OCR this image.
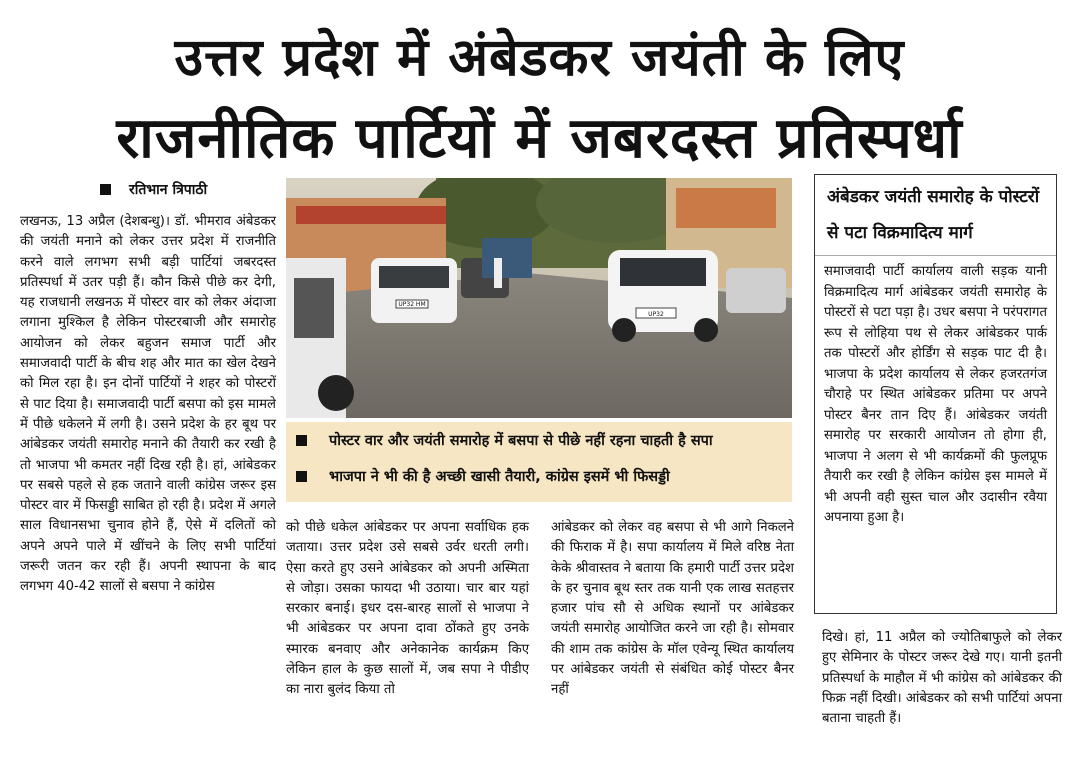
उत्तर प्रदेश में अंबेडकर जयंती के लिए
राजनीतिक पार्टियों में जबरदस्त प्रतिस्पर्धा
रतिभान त्रिपाठी
लखनऊ, 13 अप्रैल (देशबन्धु)। डॉ. भीमराव अंबेडकर की जयंती मनाने को लेकर उत्तर प्रदेश में राजनीति करने वाले लगभग सभी बड़ी पार्टियां जबरदस्त प्रतिस्पर्धा में उतर पड़ी हैं। कौन किसे पीछे कर देगी, यह राजधानी लखनऊ में पोस्टर वार को लेकर अंदाजा लगाना मुश्किल है लेकिन पोस्टरबाजी और समारोह आयोजन को लेकर बहुजन समाज पार्टी और समाजवादी पार्टी के बीच शह और मात का खेल देखने को मिल रहा है। इन दोनों पार्टियों ने शहर को पोस्टरों से पाट दिया है। समाजवादी पार्टी बसपा को इस मामले में पीछे धकेलने में लगी है। उसने प्रदेश के हर बूथ पर आंबेडकर जयंती समारोह मनाने की तैयारी कर रखी है तो भाजपा भी कमतर नहीं दिख रही है। हां, आंबेडकर पर सबसे पहले से हक जताने वाली कांग्रेस जरूर इस पोस्टर वार में फिसड्डी साबित हो रही है। प्रदेश में अगले साल विधानसभा चुनाव होने हैं, ऐसे में दलितों को अपने अपने पाले में खींचने के लिए सभी पार्टियां जरूरी जतन कर रही हैं। अपनी स्थापना के बाद लगभग 40-42 सालों से बसपा ने कांग्रेस
UP32 HM
UP32
पोस्टर वार और जयंती समारोह में बसपा से पीछे नहीं रहना चाहती है सपा
भाजपा ने भी की है अच्छी खासी तैयारी, कांग्रेस इसमें भी फिसड्डी
अंबेडकर जयंती समारोह के पोस्टरों से पटा विक्रमादित्य मार्ग
समाजवादी पार्टी कार्यालय वाली सड़क यानी विक्रमादित्य मार्ग आंबेडकर जयंती समारोह के पोस्टरों से पटा पड़ा है। उधर बसपा ने परंपरागत रूप से लोहिया पथ से लेकर आंबेडकर पार्क तक पोस्टरों और होर्डिंग से सड़क पाट दी है। भाजपा के प्रदेश कार्यालय से लेकर हजरतगंज चौराहे पर स्थित आंबेडकर प्रतिमा पर अपने पोस्टर बैनर तान दिए हैं। आंबेडकर जयंती समारोह पर सरकारी आयोजन तो होगा ही, भाजपा ने अलग से भी कार्यक्रमों की फुलप्रूफ तैयारी कर रखी है लेकिन कांग्रेस इस मामले में भी अपनी वही सुस्त चाल और उदासीन रवैया अपनाया हुआ है।
को पीछे धकेल आंबेडकर पर अपना सर्वाधिक हक जताया। उत्तर प्रदेश उसे सबसे उर्वर धरती लगी। ऐसा करते हुए उसने आंबेडकर को अपनी अस्मिता से जोड़ा। उसका फायदा भी उठाया। चार बार यहां सरकार बनाई। इधर दस-बारह सालों से भाजपा ने भी आंबेडकर पर अपना दावा ठोंकते हुए उनके स्मारक बनवाए और अनेकानेक कार्यक्रम किए लेकिन हाल के कुछ सालों में, जब सपा ने पीडीए का नारा बुलंद किया तो
आंबेडकर को लेकर वह बसपा से भी आगे निकलने की फिराक में है। सपा कार्यालय में मिले वरिष्ठ नेता केके श्रीवास्तव ने बताया कि हमारी पार्टी उत्तर प्रदेश के हर चुनाव बूथ स्तर तक यानी एक लाख सतहत्तर हजार पांच सौ से अधिक स्थानों पर आंबेडकर जयंती समारोह आयोजित करने जा रही है। सोमवार की शाम तक कांग्रेस के मॉल एवेन्यू स्थित कार्यालय पर आंबेडकर जयंती से संबंधित कोई पोस्टर बैनर नहीं
दिखे। हां, 11 अप्रैल को ज्योतिबाफुले को लेकर हुए सेमिनार के पोस्टर जरूर देखे गए। यानी इतनी प्रतिस्पर्धा के माहौल में भी कांग्रेस को आंबेडकर की फिक्र नहीं दिखी। आंबेडकर को सभी पार्टियां अपना बताना चाहती हैं।
